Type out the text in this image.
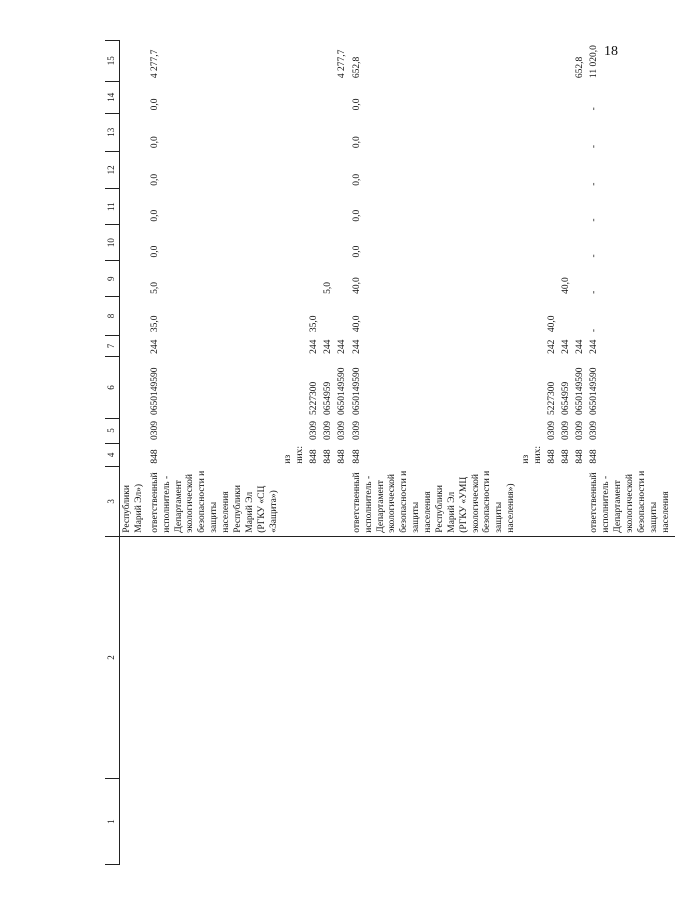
18
1	2	3	4	5	6	7	8	9	10	11	12	13	14	15
		Республики Марий Эл»)												
		ответственный исполнитель - Департамент экологической безопасности и защиты населения Республики Марий Эл (РГКУ «СЦ «Защита»)	848	0309	0650149590	244	35,0	5,0	0,0	0,0	0,0	0,0	0,0	4 277,7
			из них:											
			848	0309	5227300	244	35,0							
			848	0309	0654959	244		5,0						
			848	0309	0650149590	244								4 277,7
		ответственный исполнитель - Департамент экологической безопасности и защиты населения Республики Марий Эл (РГКУ «УМЦ экологической безопасности и защиты населения»)	848	0309	0650149590	244	40,0	40,0	0,0	0,0	0,0	0,0	0,0	652,8
			из них:											
			848	0309	5227300	242	40,0							
			848	0309	0654959	244		40,0						
			848	0309	0650149590	244								652,8
		ответственный исполнитель - Департамент экологической безопасности и защиты населения	848	0309	0650149590	244	-	-	-	-	-	-	-	11 020,0
